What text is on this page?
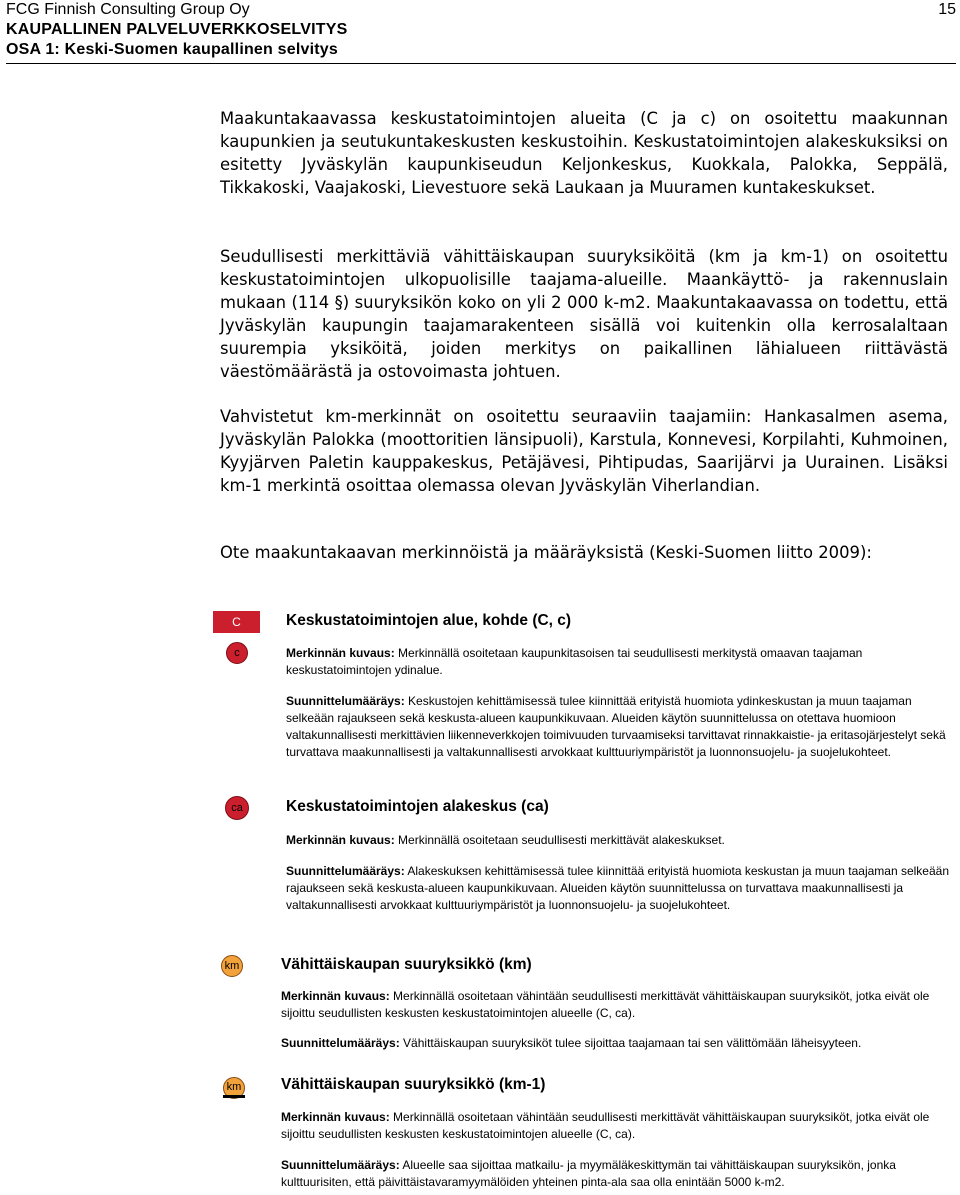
FCG Finnish Consulting Group Oy
KAUPALLINEN PALVELUVERKKOSELVITYS
OSA 1: Keski-Suomen kaupallinen selvitys
15

Maakuntakaavassa keskustatoimintojen alueita (C ja c) on osoitettu maakunnan kaupunkien ja seutukuntakeskusten keskustoihin. Keskustatoimintojen alakeskuksiksi on esitetty Jyväskylän kaupunkiseudun Keljonkeskus, Kuokkala, Palokka, Seppälä, Tikkakoski, Vaajakoski, Lievestuore sekä Laukaan ja Muuramen kuntakeskukset.

Seudullisesti merkittäviä vähittäiskaupan suuryksiköitä (km ja km-1) on osoitettu keskustatoimintojen ulkopuolisille taajama-alueille. Maankäyttö- ja rakennuslain mukaan (114 §) suuryksikön koko on yli 2 000 k-m2. Maakuntakaavassa on todettu, että Jyväskylän kaupungin taajamarakenteen sisällä voi kuitenkin olla kerrosalaltaan suurempia yksiköitä, joiden merkitys on paikallinen lähialueen riittävästä väestömäärästä ja ostovoimasta johtuen.

Vahvistetut km-merkinnät on osoitettu seuraaviin taajamiin: Hankasalmen asema, Jyväskylän Palokka (moottoritien länsipuoli), Karstula, Konnevesi, Korpilahti, Kuhmoinen, Kyyjärven Paletin kauppakeskus, Petäjävesi, Pihtipudas, Saarijärvi ja Uurainen. Lisäksi km-1 merkintä osoittaa olemassa olevan Jyväskylän Viherlandian.

Ote maakuntakaavan merkinnöistä ja määräyksistä (Keski-Suomen liitto 2009):

C
c
Keskustatoimintojen alue, kohde (C, c)

Merkinnän kuvaus: Merkinnällä osoitetaan kaupunkitasoisen tai seudullisesti merkitystä omaavan taajaman keskustatoimintojen ydinalue.

Suunnittelumääräys: Keskustojen kehittämisessä tulee kiinnittää erityistä huomiota ydinkeskustan ja muun taajaman selkeään rajaukseen sekä keskusta-alueen kaupunkikuvaan. Alueiden käytön suunnittelussa on otettava huomioon valtakunnallisesti merkittävien liikenneverkkojen toimivuuden turvaamiseksi tarvittavat rinnakkaistie- ja eritasojärjestelyt sekä turvattava maakunnallisesti ja valtakunnallisesti arvokkaat kulttuuriympäristöt ja luonnonsuojelu- ja suojelukohteet.

ca	Keskustatoimintojen alakeskus (ca)

Merkinnän kuvaus: Merkinnällä osoitetaan seudullisesti merkittävät alakeskukset.

Suunnittelumääräys: Alakeskuksen kehittämisessä tulee kiinnittää erityistä huomiota keskustan ja muun taajaman selkeään rajaukseen sekä keskusta-alueen kaupunkikuvaan. Alueiden käytön suunnittelussa on turvattava maakunnallisesti ja valtakunnallisesti arvokkaat kulttuuriympäristöt ja luonnonsuojelu- ja suojelukohteet.

km	Vähittäiskaupan suuryksikkö (km)

Merkinnän kuvaus: Merkinnällä osoitetaan vähintään seudullisesti merkittävät vähittäiskaupan suuryksiköt, jotka eivät ole sijoittu seudullisten keskusten keskustatoimintojen alueelle (C, ca).

Suunnittelumääräys: Vähittäiskaupan suuryksiköt tulee sijoittaa taajamaan tai sen välittömään läheisyyteen.

km	Vähittäiskaupan suuryksikkö (km-1)

Merkinnän kuvaus: Merkinnällä osoitetaan vähintään seudullisesti merkittävät vähittäiskaupan suuryksiköt, jotka eivät ole sijoittu seudullisten keskusten keskustatoimintojen alueelle (C, ca).

Suunnittelumääräys: Alueelle saa sijoittaa matkailu- ja myymäläkeskittymän tai vähittäiskaupan suuryksikön, jonka kulttuurisiten, että päivittäistavaramyymälöiden yhteinen pinta-ala saa olla enintään 5000 k-m2.
